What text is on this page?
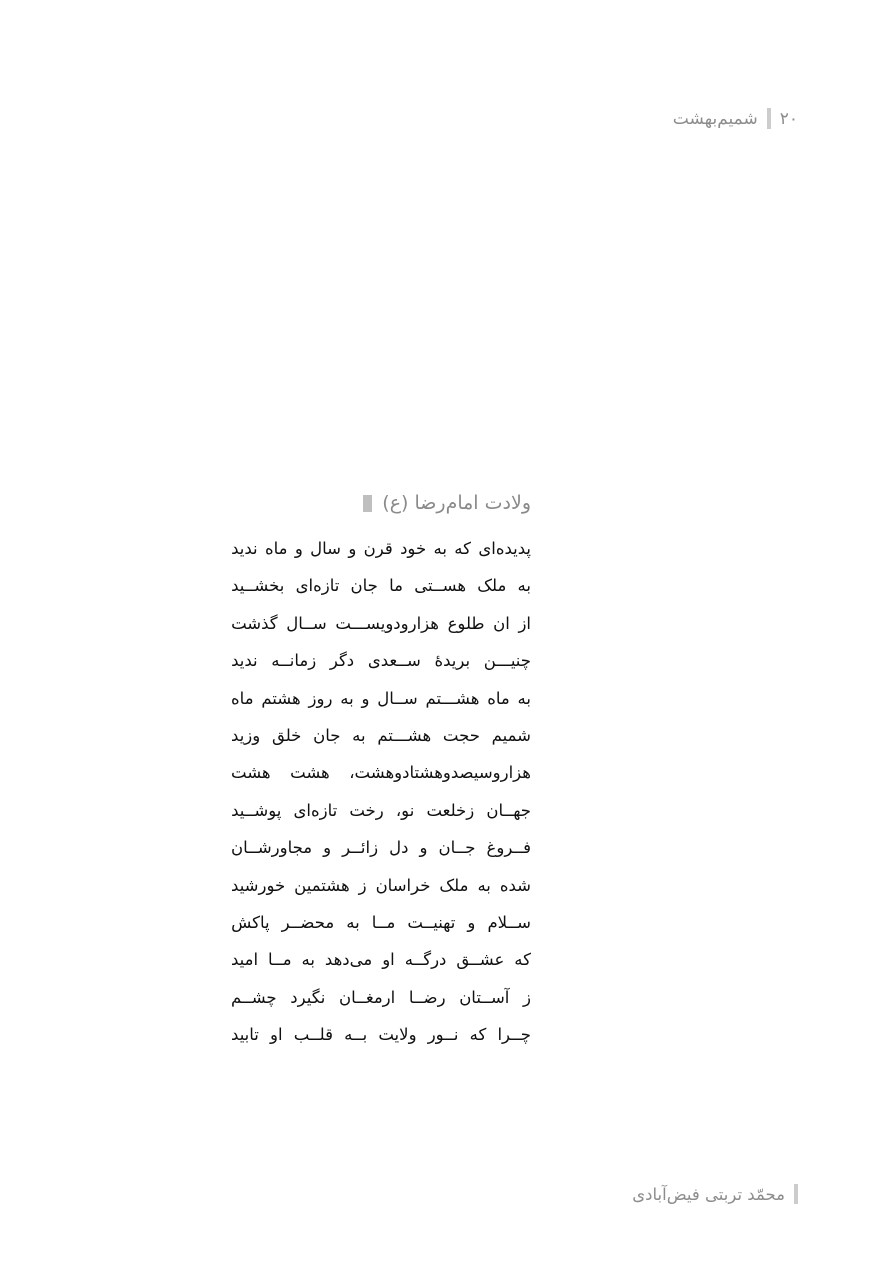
۲۰
شمیم‌بهشت
ولادت امام‌رضا (ع)
پدیده‌ای
که
به
خود
قرن
و
سال
و
ماه
ندید
به
ملک
هســتی
ما
جان
تازه‌ای
بخشــید
از
ان
طلوع
هزارودویســـت
ســال
گذشت
چنیـــن
بریدهٔ
ســعدی
دگر
زمانــه
ندید
به
ماه
هشـــتم
ســال
و
به
روز
هشتم
ماه
شمیم
حجت
هشـــتم
به
جان
خلق
وزید
هزاروسیصدوهشتادوهشت،
هشت
هشت
جهــان
زخلعت
نو،
رخت
تازه‌ای
پوشــید
فــروغ
جــان
و
دل
زائــر
و
مجاورشــان
شده
به
ملک
خراسان
ز
هشتمین
خورشید
ســلام
و
تهنیــت
مــا
به
محضــر
پاکش
که
عشــق
درگــه
او
می‌دهد
به
مــا
امید
ز
آســتان
رضــا
ارمغــان
نگیرد
چشــم
چــرا
که
نــور
ولایت
بــه
قلــب
او
تابید
محمّد تربتی فیض‌آبادی
